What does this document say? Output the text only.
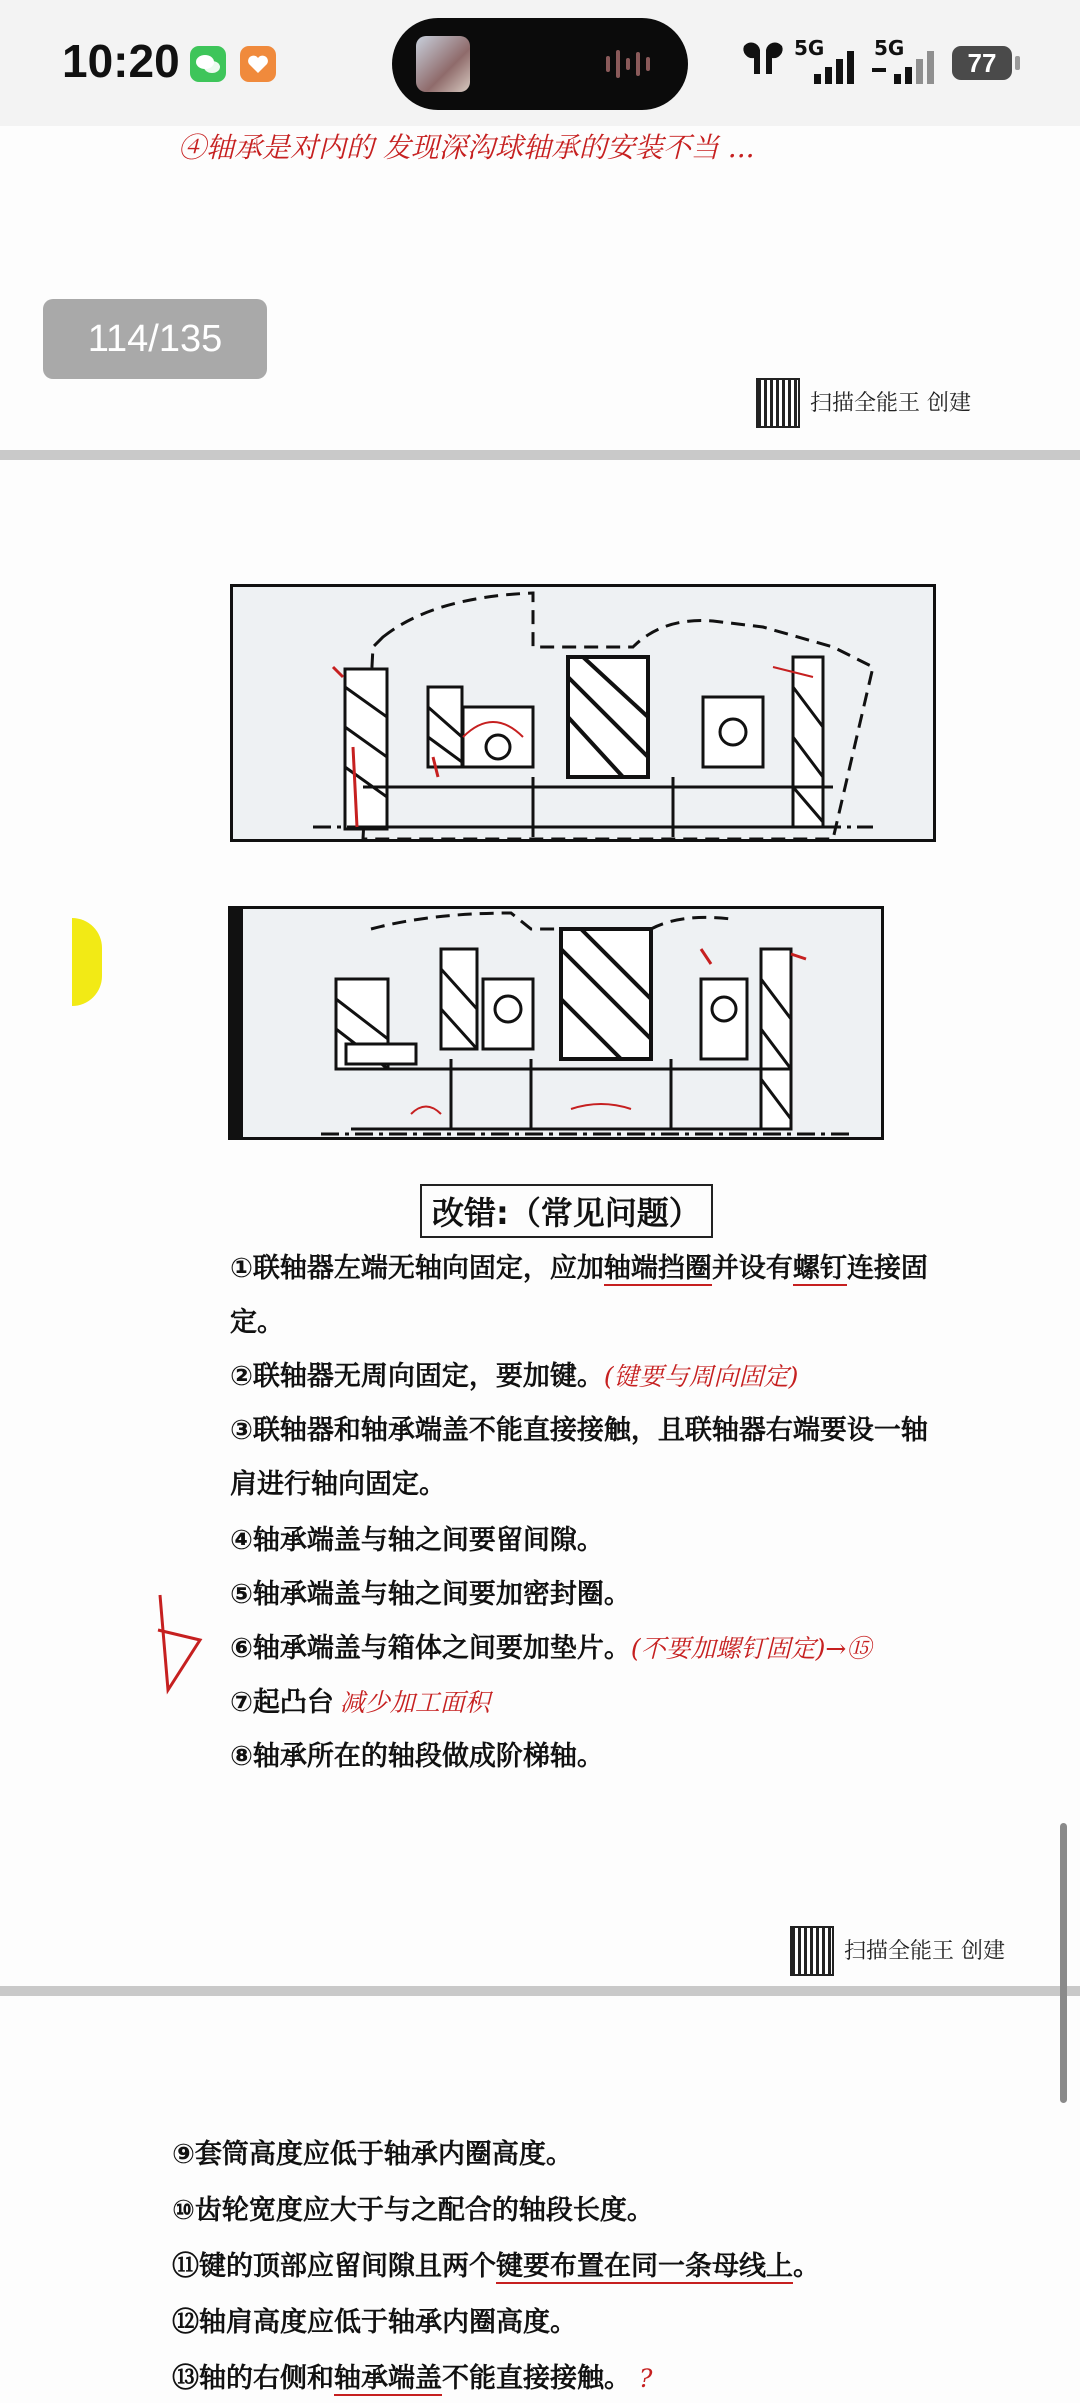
10:20	5G 5G	77
④轴承是对内的 发现深沟球轴承的安装不当 ...
扫描全能王 创建
114/135
改错:（常见问题）
①联轴器左端无轴向固定，应加轴端挡圈并设有螺钉连接固
定。
②联轴器无周向固定，要加键。(键要与周向固定)
③联轴器和轴承端盖不能直接接触，且联轴器右端要设一轴
肩进行轴向固定。
④轴承端盖与轴之间要留间隙。
⑤轴承端盖与轴之间要加密封圈。
⑥轴承端盖与箱体之间要加垫片。(不要加螺钉固定)→⑮
⑦起凸台 减少加工面积
⑧轴承所在的轴段做成阶梯轴。
扫描全能王 创建
⑨套筒高度应低于轴承内圈高度。
⑩齿轮宽度应大于与之配合的轴段长度。
⑪键的顶部应留间隙且两个键要布置在同一条母线上。
⑫轴肩高度应低于轴承内圈高度。
⑬轴的右侧和轴承端盖不能直接接触。 ?
